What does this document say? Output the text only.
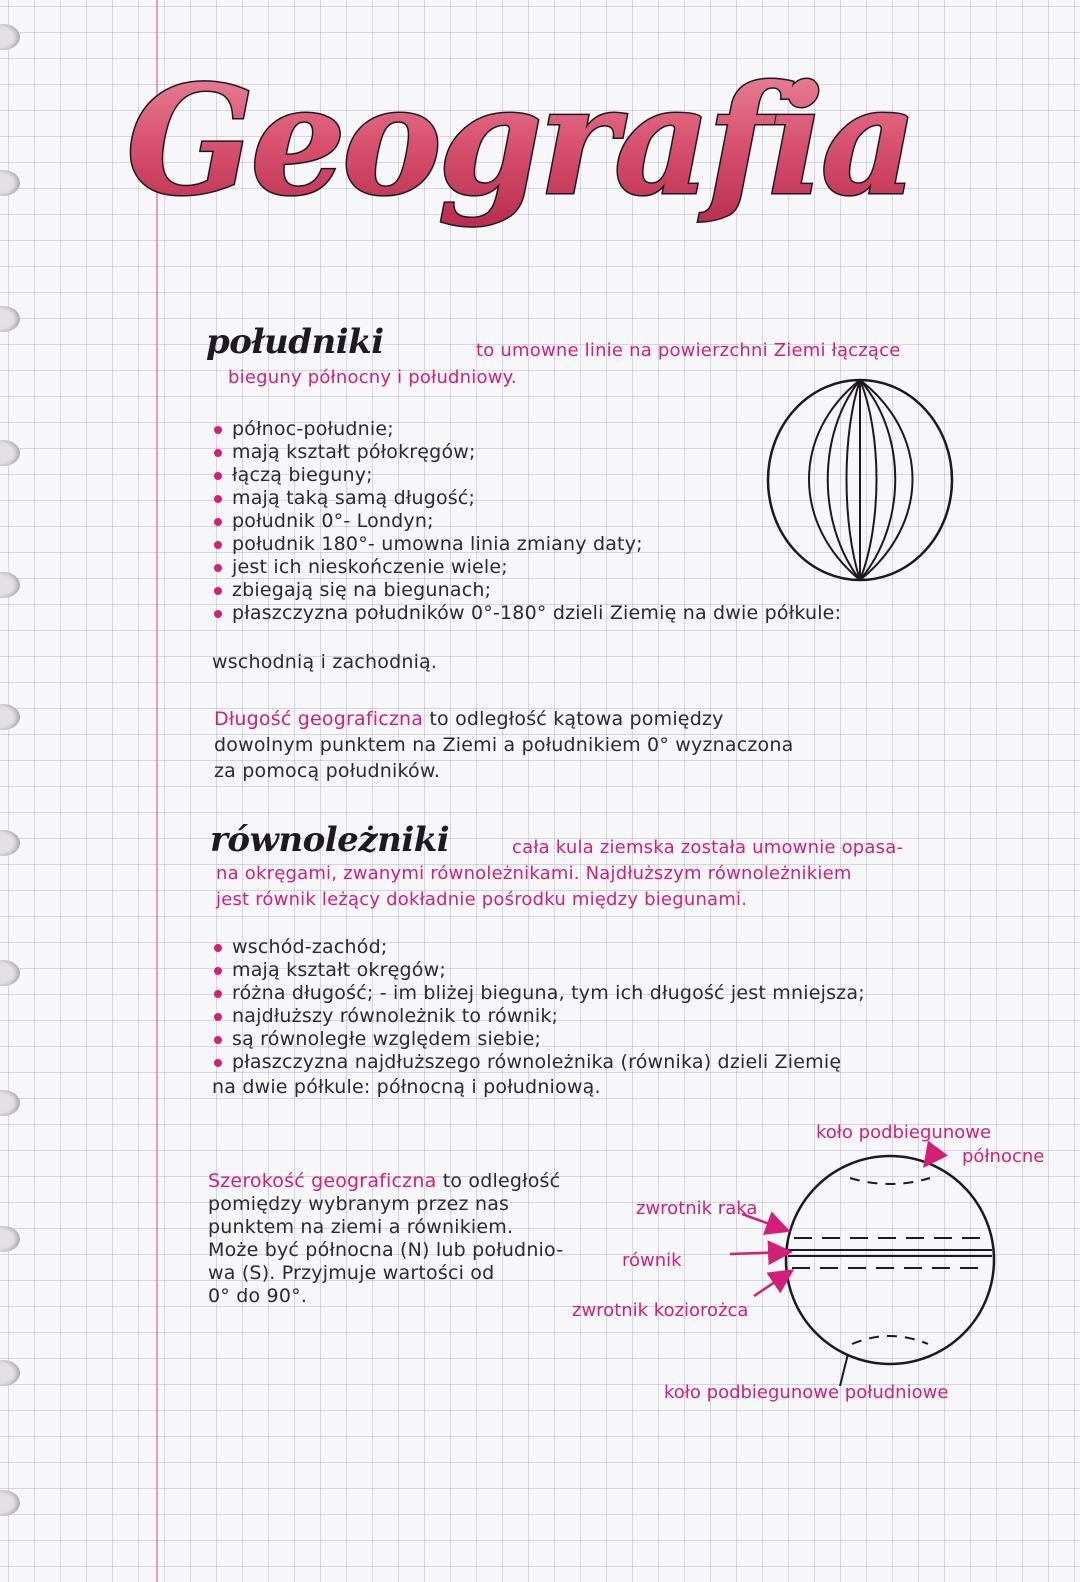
Geografia
południki	to umowne linie na powierzchni Ziemi łączące
bieguny północny i południowy.
północ-południe;
mają kształt półokręgów;
łączą bieguny;
mają taką samą długość;
południk 0°- Londyn;
południk 180°- umowna linia zmiany daty;
jest ich nieskończenie wiele;
zbiegają się na biegunach;
płaszczyzna południków 0°-180° dzieli Ziemię na dwie półkule:
wschodnią i zachodnią.
Długość geograficzna to odległość kątowa pomiędzy
dowolnym punktem na Ziemi a południkiem 0° wyznaczona
za pomocą południków.
równoleżniki	cała kula ziemska została umownie opasa-
na okręgami, zwanymi równoleżnikami. Najdłuższym równoleżnikiem
jest równik leżący dokładnie pośrodku między biegunami.
wschód-zachód;
mają kształt okręgów;
różna długość; - im bliżej bieguna, tym ich długość jest mniejsza;
najdłuższy równoleżnik to równik;
są równoległe względem siebie;
płaszczyzna najdłuższego równoleżnika (równika) dzieli Ziemię
na dwie półkule: północną i południową.
Szerokość geograficzna to odległość
pomiędzy wybranym przez nas
punktem na ziemi a równikiem.
Może być północna (N) lub południo-
wa (S). Przyjmuje wartości od
0° do 90°.
koło podbiegunowe
północne
zwrotnik raka
równik
zwrotnik koziorożca
koło podbiegunowe południowe
